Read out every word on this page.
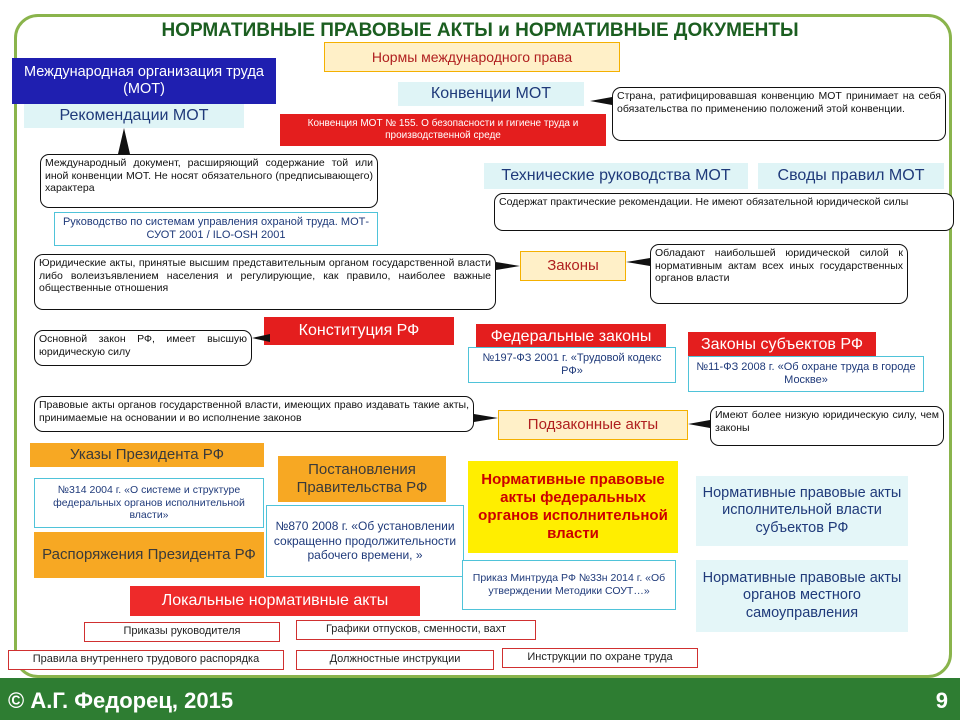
НОРМАТИВНЫЕ ПРАВОВЫЕ АКТЫ и НОРМАТИВНЫЕ ДОКУМЕНТЫ
Нормы международного права
Международная организация труда (МОТ)
Рекомендации МОТ
Конвенции МОТ
Конвенция МОТ № 155. О безопасности и гигиене труда и производственной среде
Страна, ратифицировавшая конвенцию МОТ принимает на себя обязательства по применению положений этой конвенции.
Международный документ, расширяющий содержание той или иной конвенции МОТ. Не носят обязательного (предписывающего) характера
Руководство по системам управления охраной труда. МОТ-СУОТ 2001 / ILO-OSH 2001
Технические руководства МОТ	Своды правил МОТ
Содержат практические рекомендации. Не имеют обязательной юридической силы
Юридические акты, принятые высшим представительным органом государственной власти либо волеизъявлением населения и регулирующие, как правило, наиболее важные общественные отношения
Законы
Обладают наибольшей юридической силой к нормативным актам всех иных государственных органов власти
Конституция РФ
Основной закон РФ, имеет высшую юридическую силу
Федеральные законы
№197-ФЗ 2001 г. «Трудовой кодекс РФ»
Законы субъектов РФ
№11-ФЗ 2008 г. «Об охране труда в городе Москве»
Правовые акты органов государственной власти, имеющих право издавать такие акты, принимаемые на основании и во исполнение законов	Подзаконные акты
Имеют более низкую юридическую силу, чем законы
Указы Президента РФ
№314 2004 г. «О системе и структуре федеральных органов исполнительной власти»
Распоряжения Президента РФ
Постановления Правительства РФ
№870 2008 г. «Об установлении сокращенно продолжительности рабочего времени, »
Нормативные правовые акты федеральных органов исполнительной власти
Приказ Минтруда РФ №33н 2014 г. «Об утверждении Методики СОУТ…»
Нормативные правовые акты исполнительной власти субъектов РФ
Нормативные правовые акты органов местного самоуправления
Локальные нормативные акты
Приказы руководителя	Графики отпусков, сменности, вахт
Правила внутреннего трудового распорядка	Должностные инструкции	Инструкции по охране труда
© А.Г. Федорец, 2015	9
